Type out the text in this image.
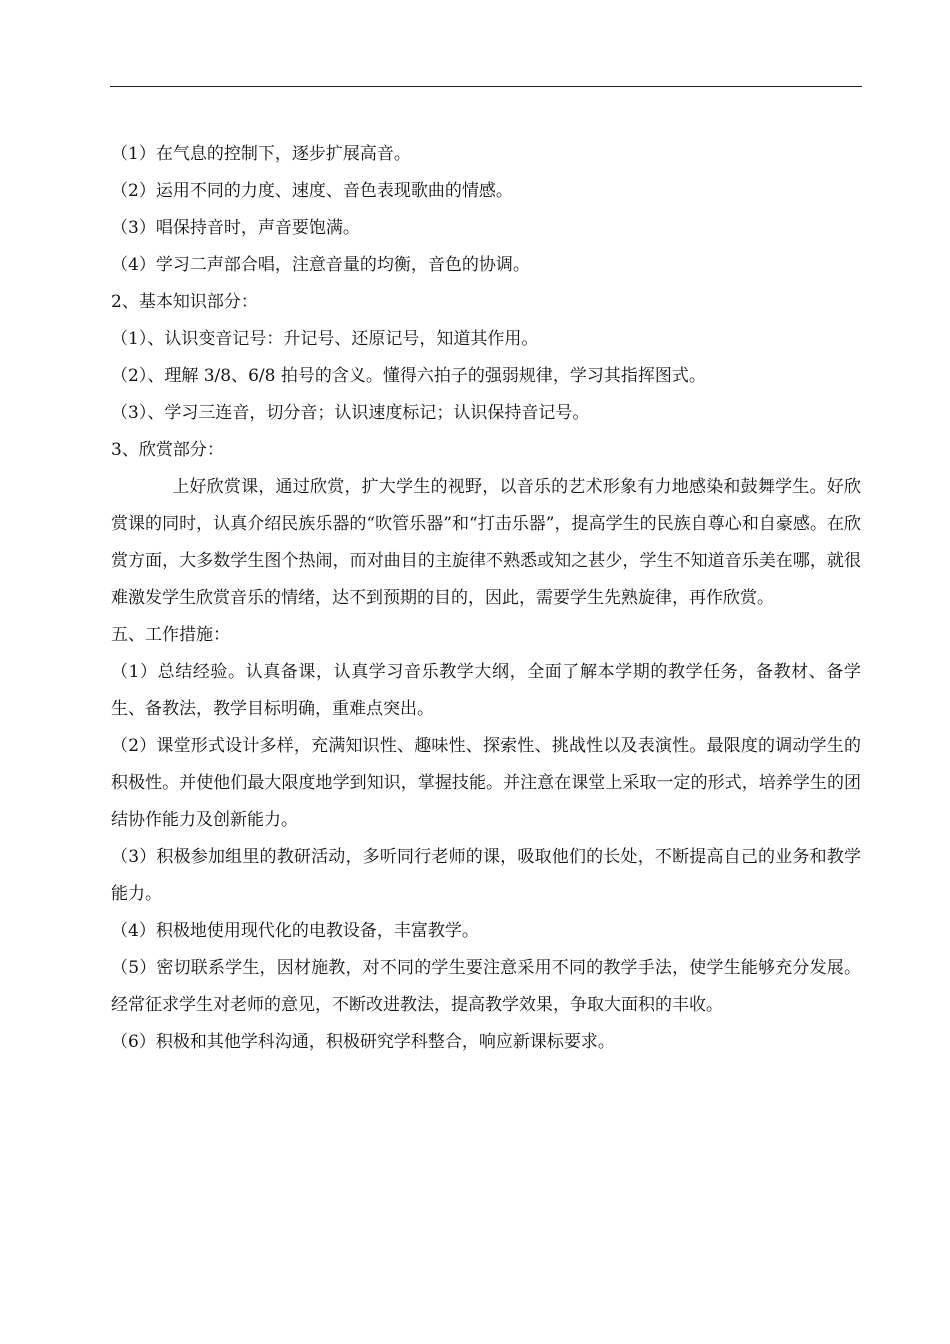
（1）在气息的控制下，逐步扩展高音。

（2）运用不同的力度、速度、音色表现歌曲的情感。

（3）唱保持音时，声音要饱满。

（4）学习二声部合唱，注意音量的均衡，音色的协调。

2、基本知识部分：

（1）、认识变音记号：升记号、还原记号，知道其作用。

（2）、理解 3/8、6/8 拍号的含义。懂得六拍子的强弱规律，学习其指挥图式。

（3）、学习三连音，切分音；认识速度标记；认识保持音记号。

3、欣赏部分：

上好欣赏课，通过欣赏，扩大学生的视野，以音乐的艺术形象有力地感染和鼓舞学生。好欣赏课的同时，认真介绍民族乐器的“吹管乐器”和“打击乐器”，提高学生的民族自尊心和自豪感。在欣赏方面，大多数学生图个热闹，而对曲目的主旋律不熟悉或知之甚少，学生不知道音乐美在哪，就很难激发学生欣赏音乐的情绪，达不到预期的目的，因此，需要学生先熟旋律，再作欣赏。

五、工作措施：

（1）总结经验。认真备课，认真学习音乐教学大纲，全面了解本学期的教学任务，备教材、备学生、备教法，教学目标明确，重难点突出。

（2）课堂形式设计多样，充满知识性、趣味性、探索性、挑战性以及表演性。最限度的调动学生的积极性。并使他们最大限度地学到知识，掌握技能。并注意在课堂上采取一定的形式，培养学生的团结协作能力及创新能力。

（3）积极参加组里的教研活动，多听同行老师的课，吸取他们的长处，不断提高自己的业务和教学能力。

（4）积极地使用现代化的电教设备，丰富教学。

（5）密切联系学生，因材施教，对不同的学生要注意采用不同的教学手法，使学生能够充分发展。经常征求学生对老师的意见，不断改进教法，提高教学效果，争取大面积的丰收。

（6）积极和其他学科沟通，积极研究学科整合，响应新课标要求。
